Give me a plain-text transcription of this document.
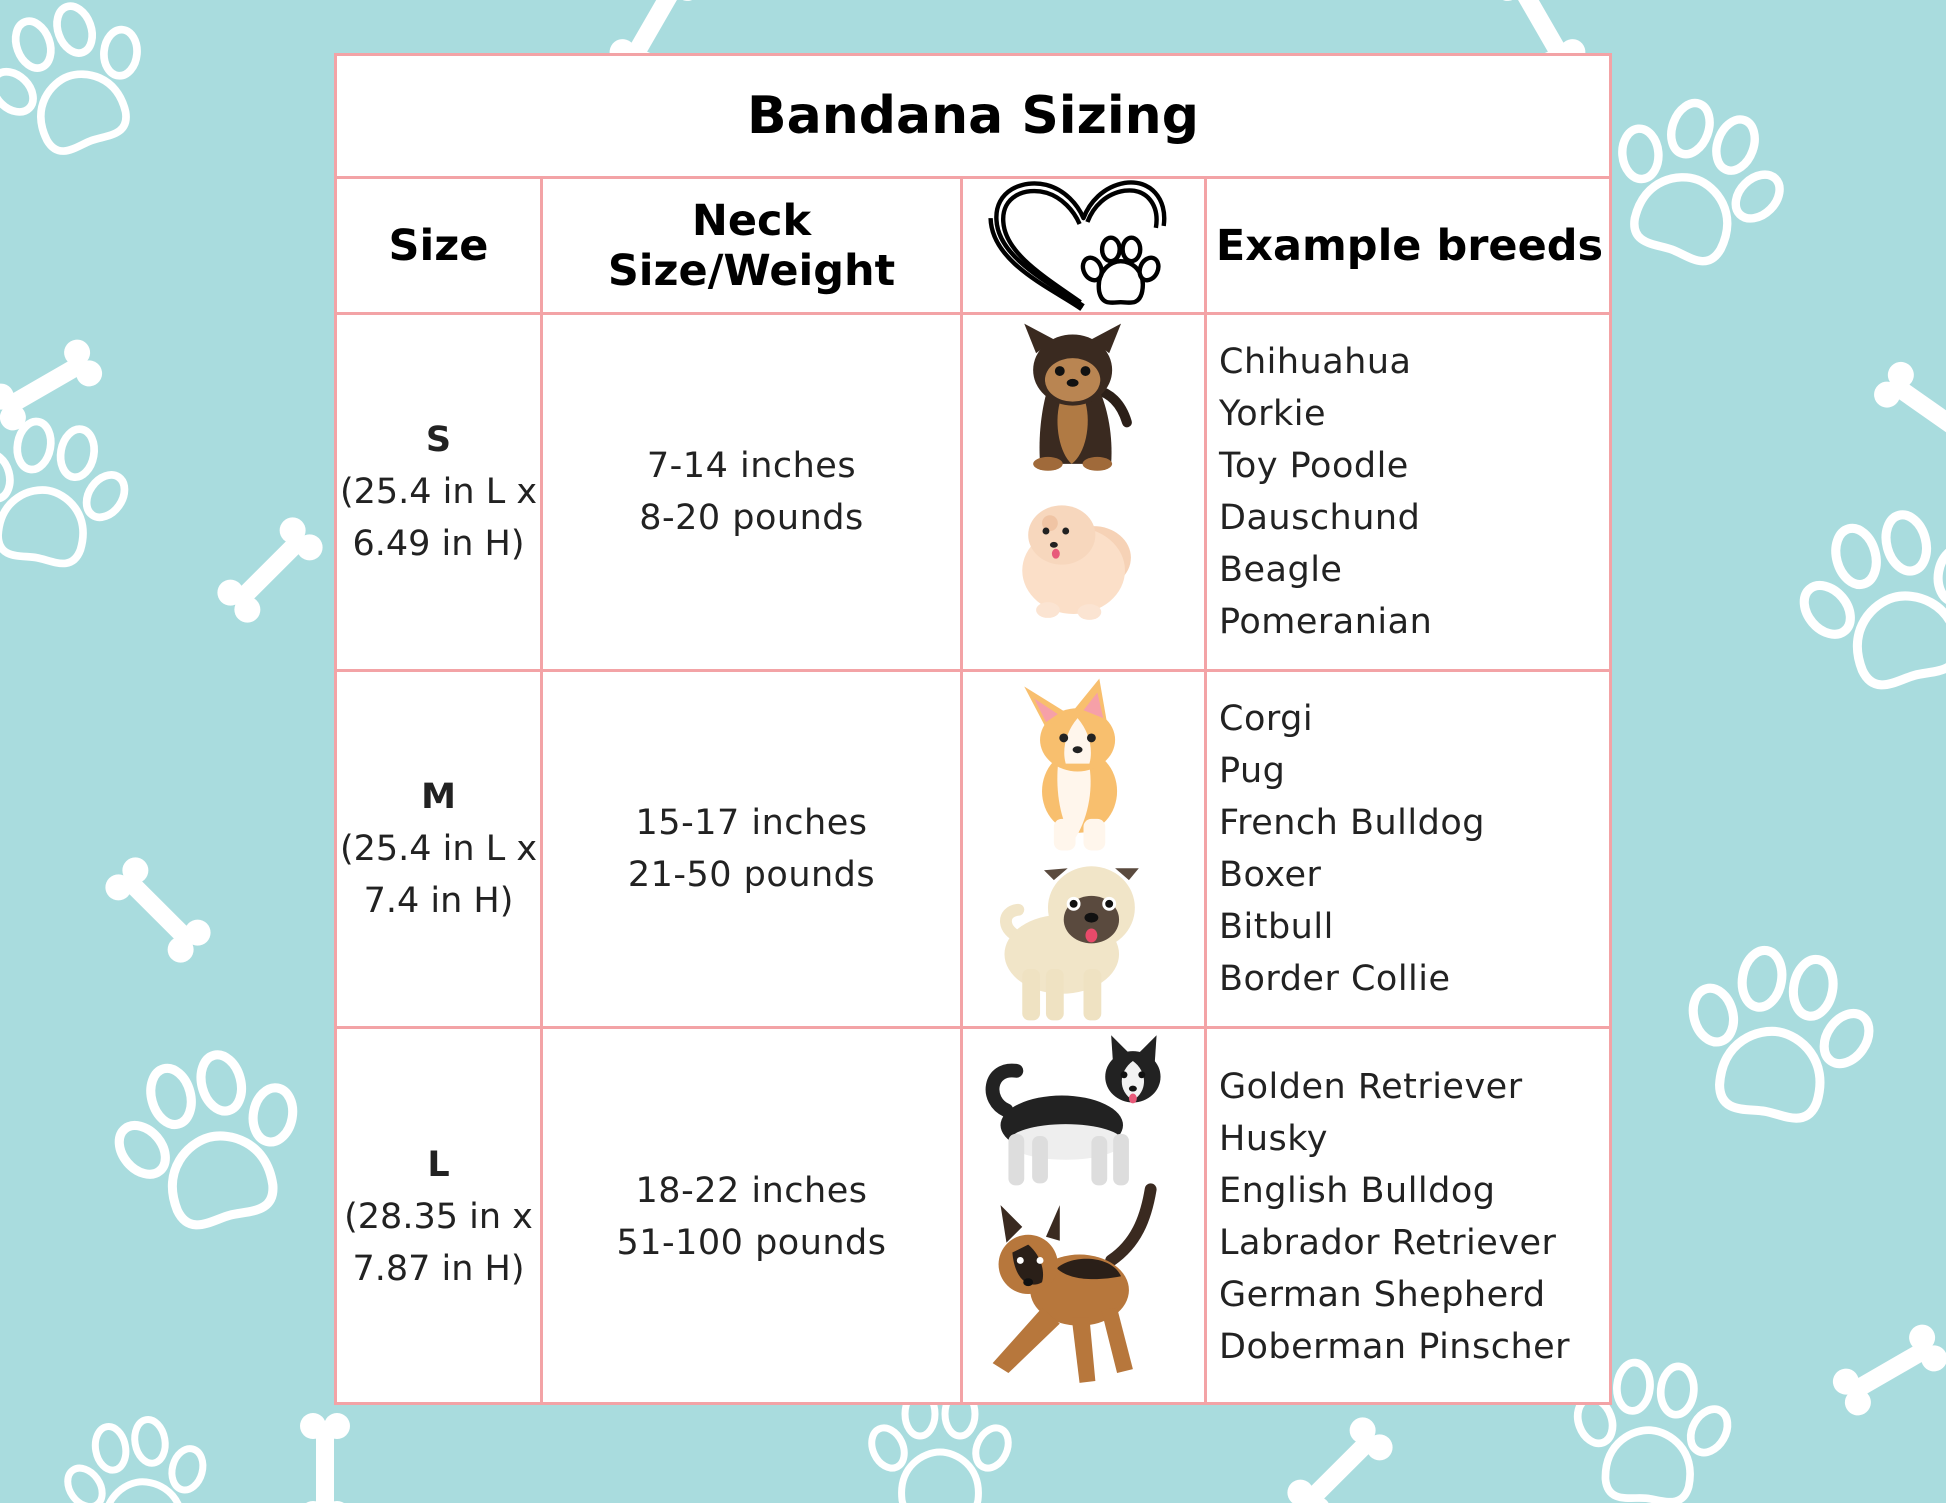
Bandana Sizing
Size	Neck Size/Weight	Example breeds
S
(25.4 in L x
6.49 in H)
7-14 inches
8-20 pounds
Chihuahua
Yorkie
Toy Poodle
Dauschund
Beagle
Pomeranian
M
(25.4 in L x
7.4 in H)
15-17 inches
21-50 pounds
Corgi
Pug
French Bulldog
Boxer
Bitbull
Border Collie
L
(28.35 in x
7.87 in H)
18-22 inches
51-100 pounds
Golden Retriever
Husky
English Bulldog
Labrador Retriever
German Shepherd
Doberman Pinscher
